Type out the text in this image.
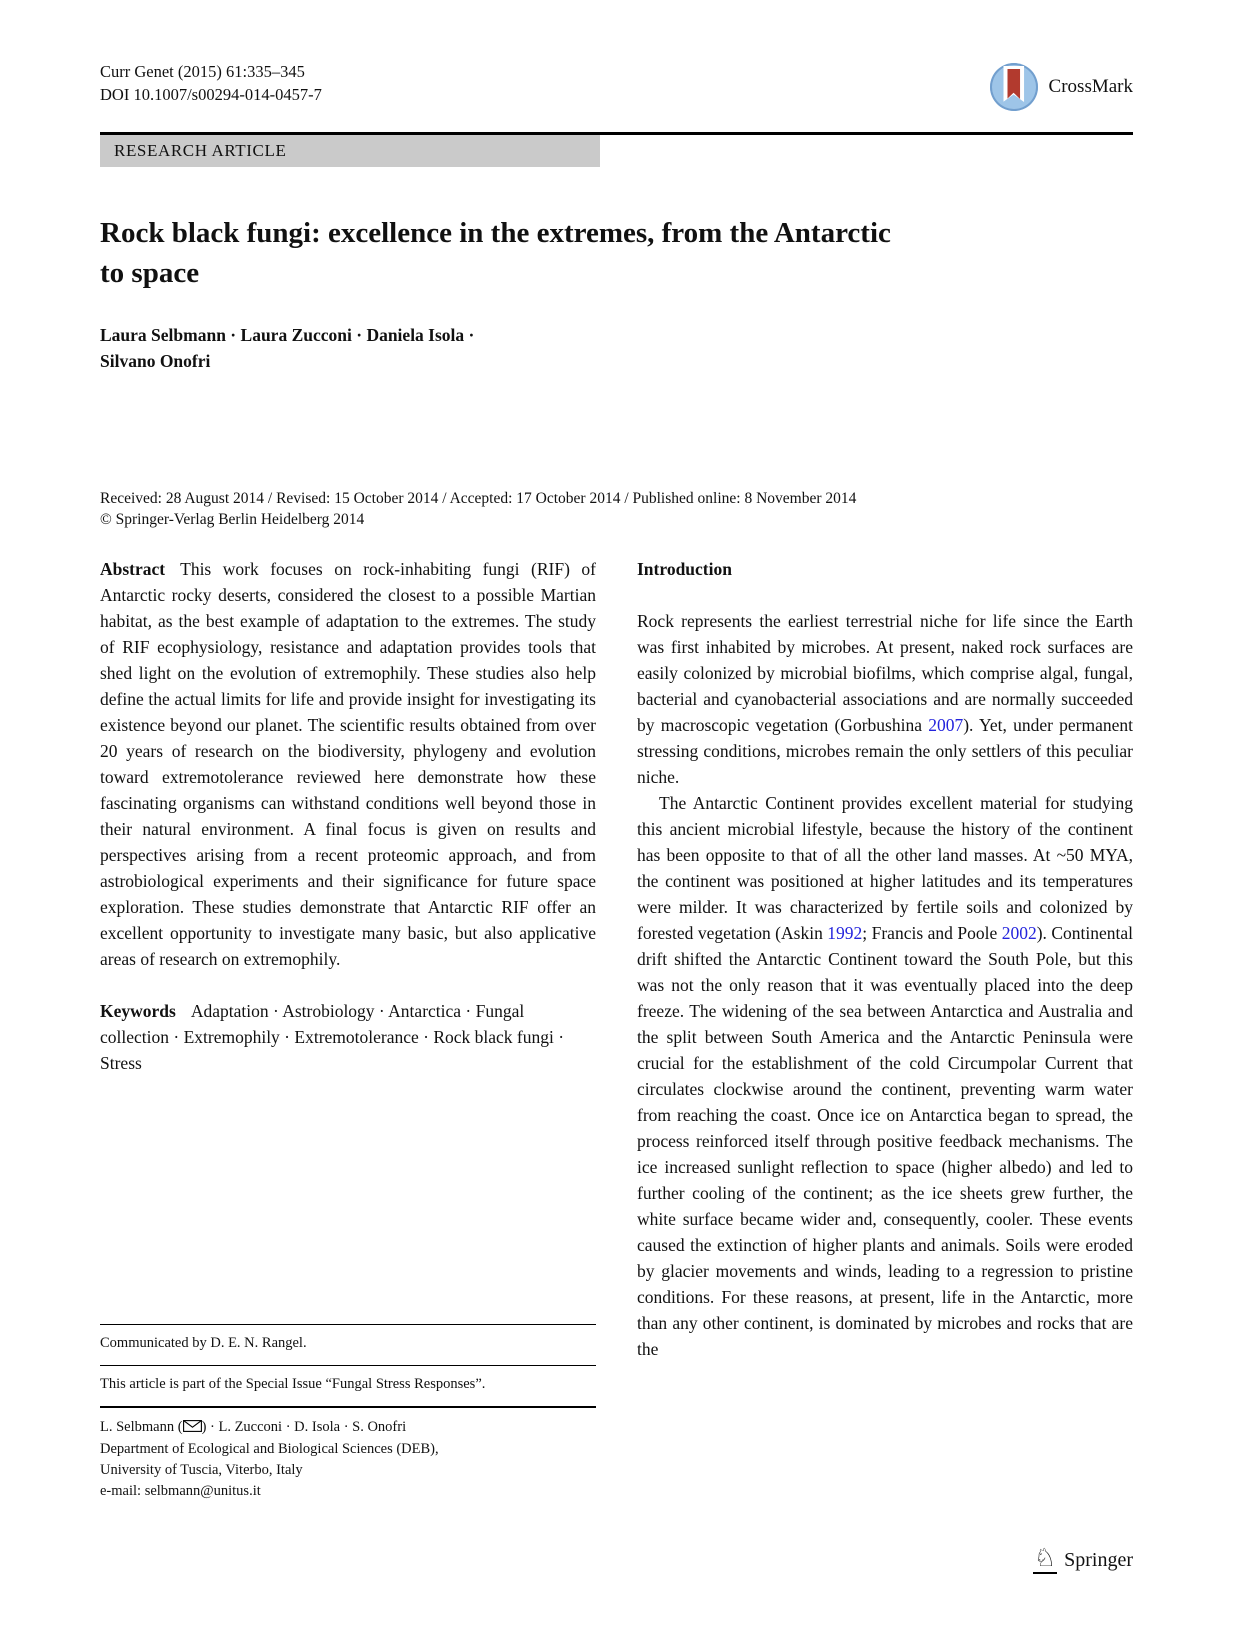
Curr Genet (2015) 61:335–345
DOI 10.1007/s00294-014-0457-7	CrossMark
RESEARCH ARTICLE
Rock black fungi: excellence in the extremes, from the Antarctic
to space
Laura Selbmann · Laura Zucconi · Daniela Isola ·
Silvano Onofri
Received: 28 August 2014 / Revised: 15 October 2014 / Accepted: 17 October 2014 / Published online: 8 November 2014
© Springer-Verlag Berlin Heidelberg 2014

Abstract This work focuses on rock-inhabiting fungi (RIF) of Antarctic rocky deserts, considered the closest to a possible Martian habitat, as the best example of adaptation to the extremes. The study of RIF ecophysiology, resistance and adaptation provides tools that shed light on the evolution of extremophily. These studies also help define the actual limits for life and provide insight for investigating its existence beyond our planet. The scientific results obtained from over 20 years of research on the biodiversity, phylogeny and evolution toward extremotolerance reviewed here demonstrate how these fascinating organisms can withstand conditions well beyond those in their natural environment. A final focus is given on results and perspectives arising from a recent proteomic approach, and from astrobiological experiments and their significance for future space exploration. These studies demonstrate that Antarctic RIF offer an excellent opportunity to investigate many basic, but also applicative areas of research on extremophily.

Keywords Adaptation · Astrobiology · Antarctica · Fungal collection · Extremophily · Extremotolerance · Rock black fungi · Stress

Communicated by D. E. N. Rangel.
This article is part of the Special Issue “Fungal Stress Responses”.
L. Selbmann ( ) · L. Zucconi · D. Isola · S. Onofri
Department of Ecological and Biological Sciences (DEB),
University of Tuscia, Viterbo, Italy
e-mail: selbmann@unitus.it
Introduction

Rock represents the earliest terrestrial niche for life since the Earth was first inhabited by microbes. At present, naked rock surfaces are easily colonized by microbial biofilms, which comprise algal, fungal, bacterial and cyanobacterial associations and are normally succeeded by macroscopic vegetation (Gorbushina 2007). Yet, under permanent stressing conditions, microbes remain the only settlers of this peculiar niche.

The Antarctic Continent provides excellent material for studying this ancient microbial lifestyle, because the history of the continent has been opposite to that of all the other land masses. At ~50 MYA, the continent was positioned at higher latitudes and its temperatures were milder. It was characterized by fertile soils and colonized by forested vegetation (Askin 1992; Francis and Poole 2002). Continental drift shifted the Antarctic Continent toward the South Pole, but this was not the only reason that it was eventually placed into the deep freeze. The widening of the sea between Antarctica and Australia and the split between South America and the Antarctic Peninsula were crucial for the establishment of the cold Circumpolar Current that circulates clockwise around the continent, preventing warm water from reaching the coast. Once ice on Antarctica began to spread, the process reinforced itself through positive feedback mechanisms. The ice increased sunlight reflection to space (higher albedo) and led to further cooling of the continent; as the ice sheets grew further, the white surface became wider and, consequently, cooler. These events caused the extinction of higher plants and animals. Soils were eroded by glacier movements and winds, leading to a regression to pristine conditions. For these reasons, at present, life in the Antarctic, more than any other continent, is dominated by microbes and rocks that are the

♘ Springer
